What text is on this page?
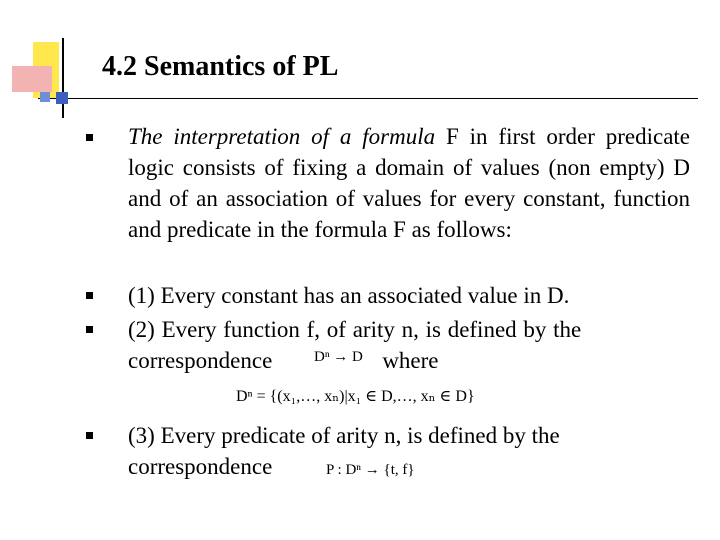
4.2 Semantics of PL

The interpretation of a formula F in first order predicate logic consists of fixing a domain of values (non empty) D and of an association of values for every constant, function and predicate in the formula F as follows:

(1) Every constant has an associated value in D.

(2) Every function f, of arity n, is defined by the correspondence	where

Dⁿ → D
Dⁿ = {(x₁,…, xₙ)|x₁ ∈ D,…, xₙ ∈ D}

(3) Every predicate of arity n, is defined by the correspondence	P : Dⁿ → {t, f}
